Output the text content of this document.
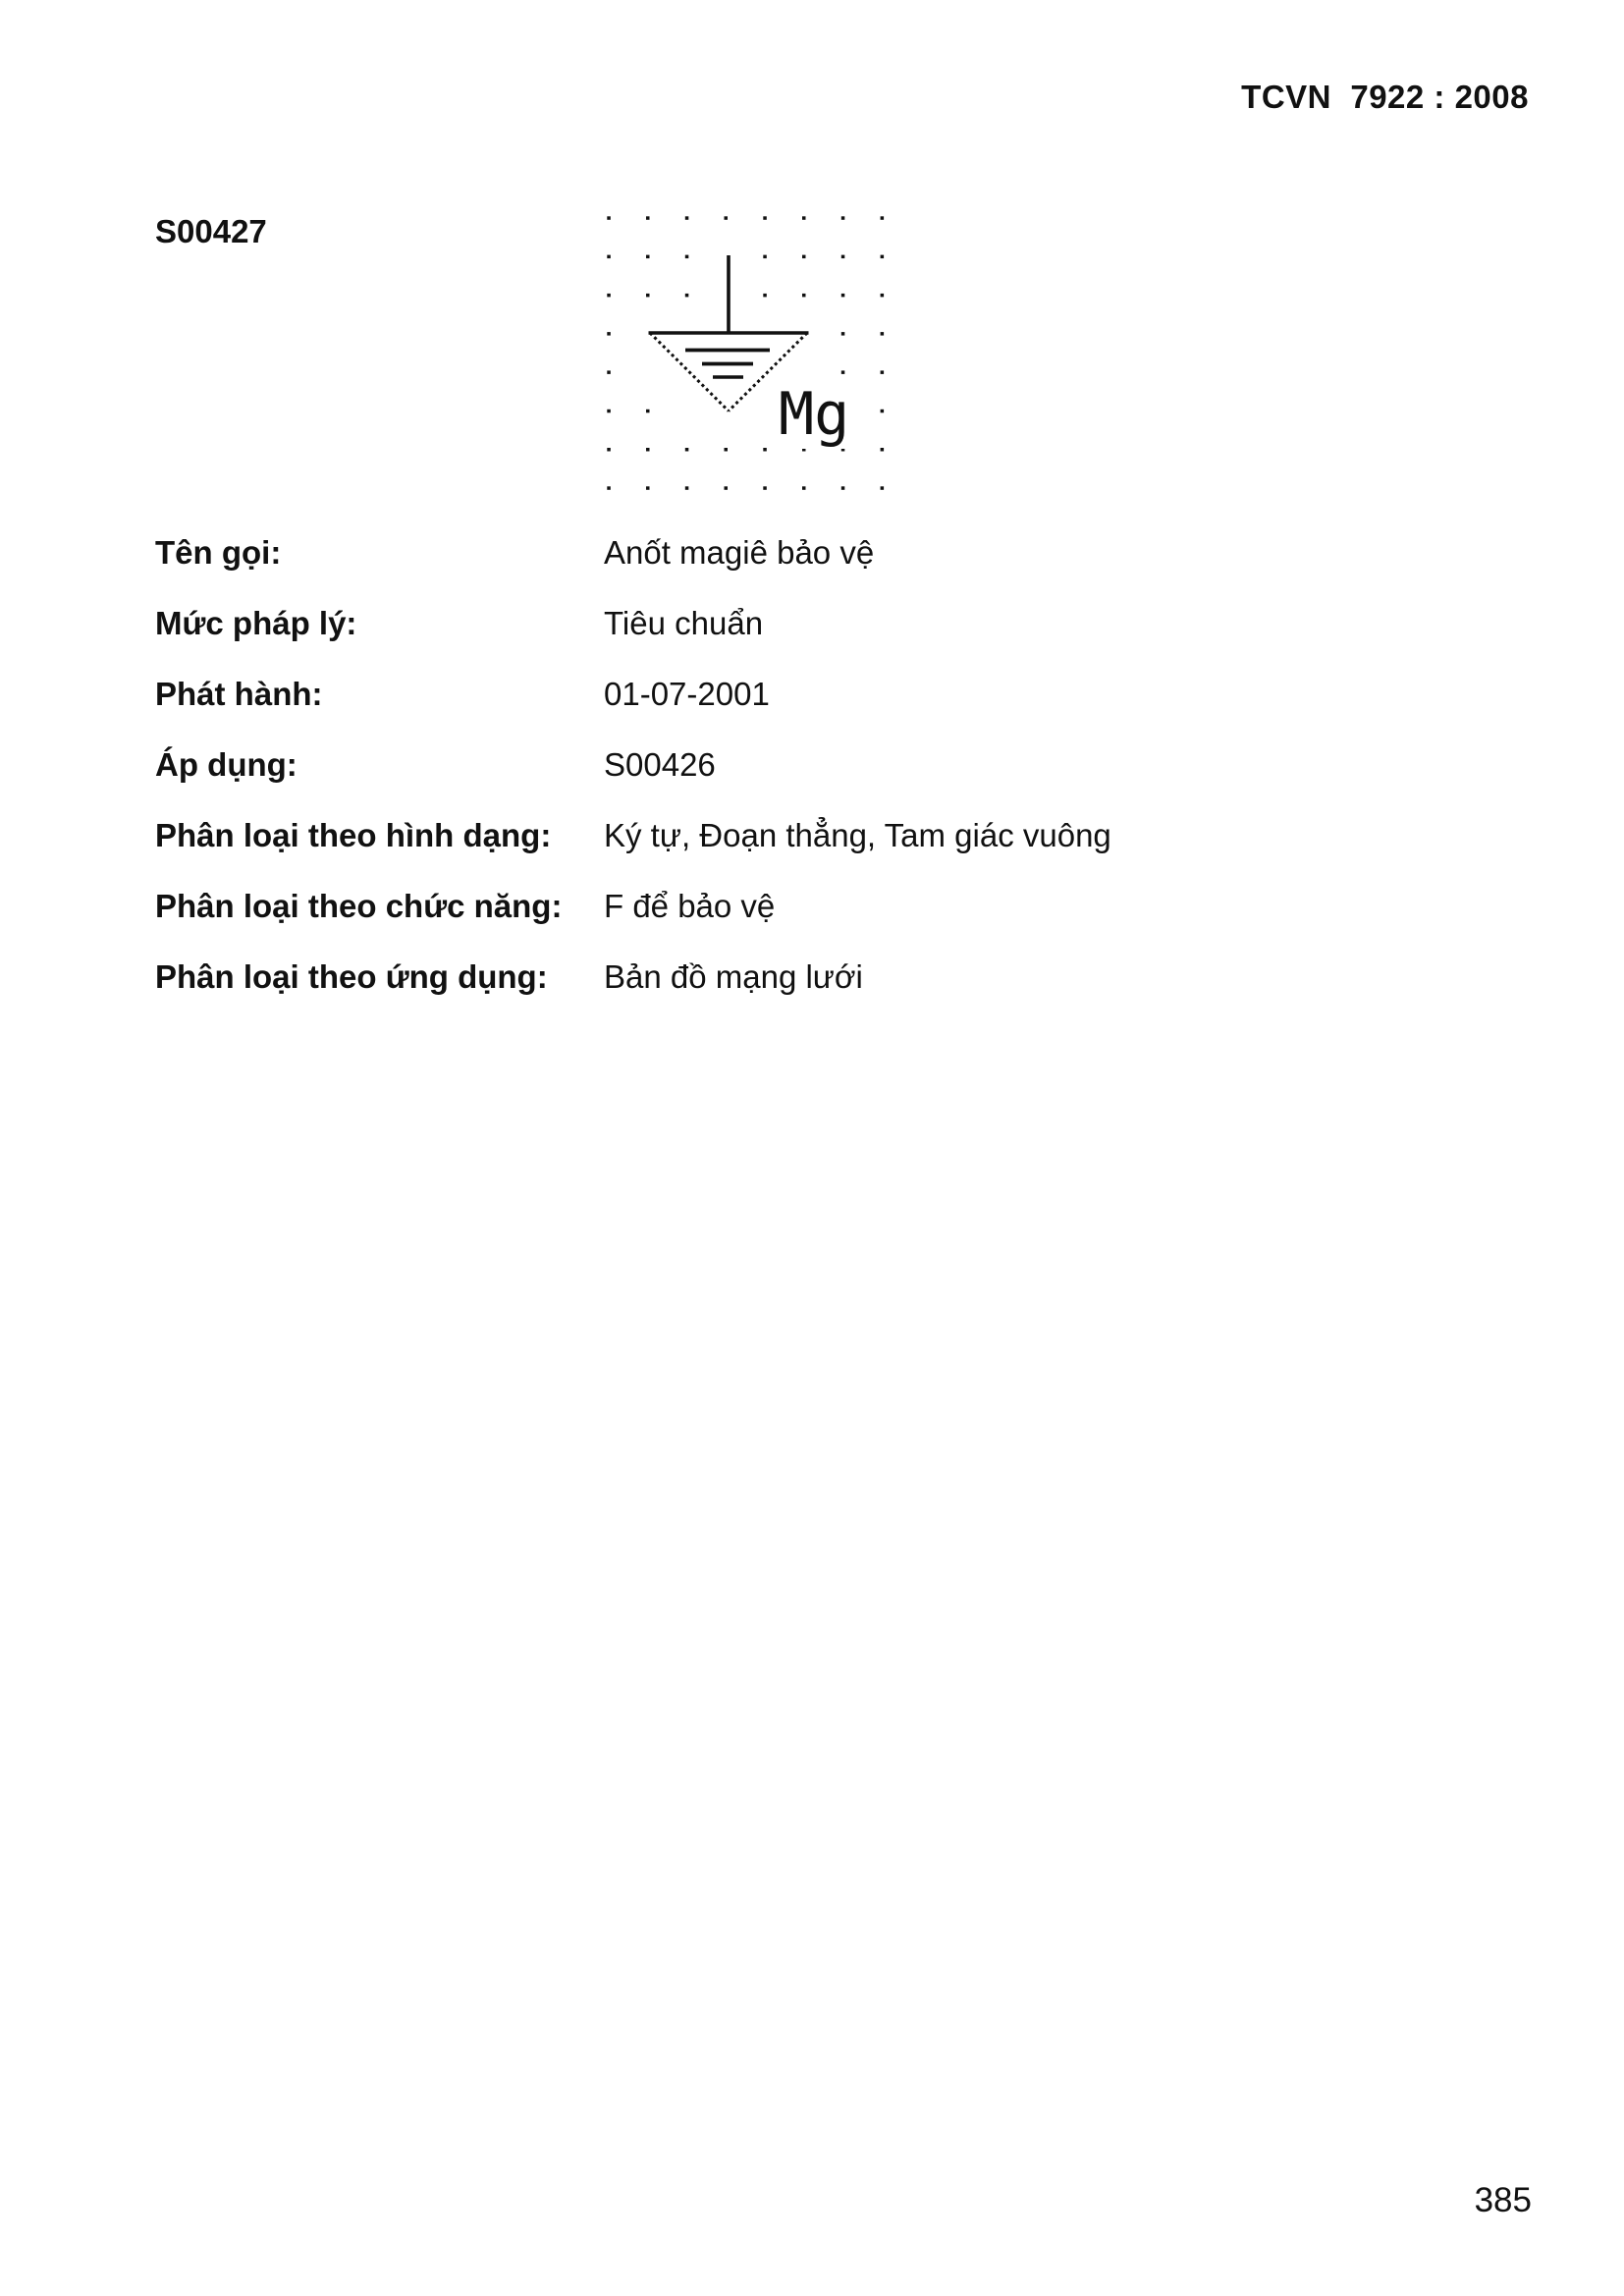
TCVN  7922 : 2008
S00427
Mg
Tên gọi:	Anốt magiê bảo vệ
Mức pháp lý:	Tiêu chuẩn
Phát hành:	01-07-2001
Áp dụng:	S00426
Phân loại theo hình dạng: Ký tự, Đoạn thẳng, Tam giác vuông
Phân loại theo chức năng: F để bảo vệ
Phân loại theo ứng dụng: Bản đồ mạng lưới
385
